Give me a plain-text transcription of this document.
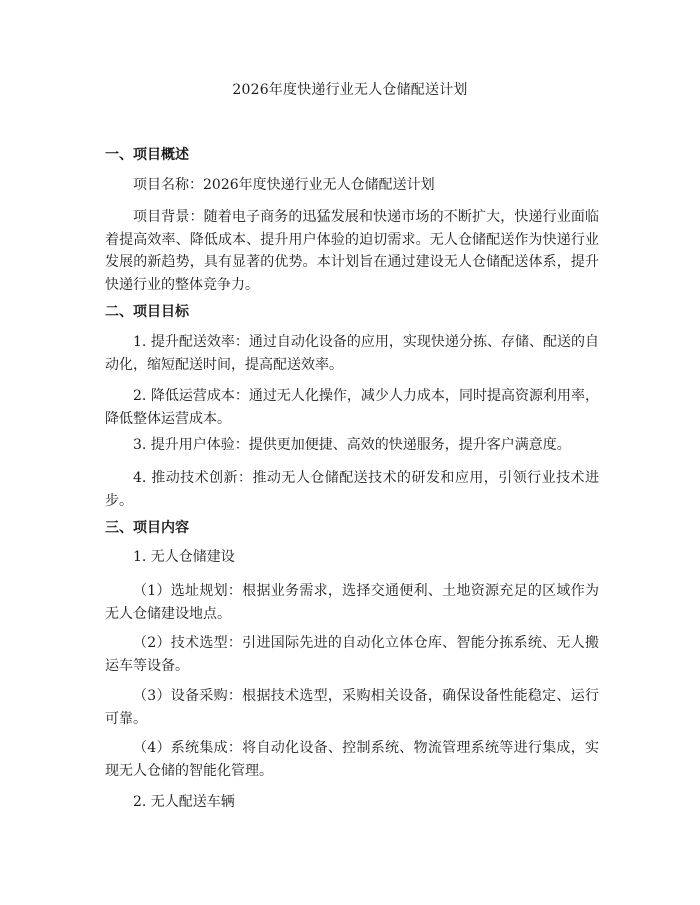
2026年度快递行业无人仓储配送计划
一、项目概述

项目名称：2026年度快递行业无人仓储配送计划

项目背景：随着电子商务的迅猛发展和快递市场的不断扩大，快递行业面临着提高效率、降低成本、提升用户体验的迫切需求。无人仓储配送作为快递行业发展的新趋势，具有显著的优势。本计划旨在通过建设无人仓储配送体系，提升快递行业的整体竞争力。

二、项目目标

1. 提升配送效率：通过自动化设备的应用，实现快递分拣、存储、配送的自动化，缩短配送时间，提高配送效率。

2. 降低运营成本：通过无人化操作，减少人力成本，同时提高资源利用率，降低整体运营成本。

3. 提升用户体验：提供更加便捷、高效的快递服务，提升客户满意度。

4. 推动技术创新：推动无人仓储配送技术的研发和应用，引领行业技术进步。

三、项目内容

1. 无人仓储建设

（1）选址规划：根据业务需求，选择交通便利、土地资源充足的区域作为无人仓储建设地点。

（2）技术选型：引进国际先进的自动化立体仓库、智能分拣系统、无人搬运车等设备。

（3）设备采购：根据技术选型，采购相关设备，确保设备性能稳定、运行可靠。

（4）系统集成：将自动化设备、控制系统、物流管理系统等进行集成，实现无人仓储的智能化管理。

2. 无人配送车辆
